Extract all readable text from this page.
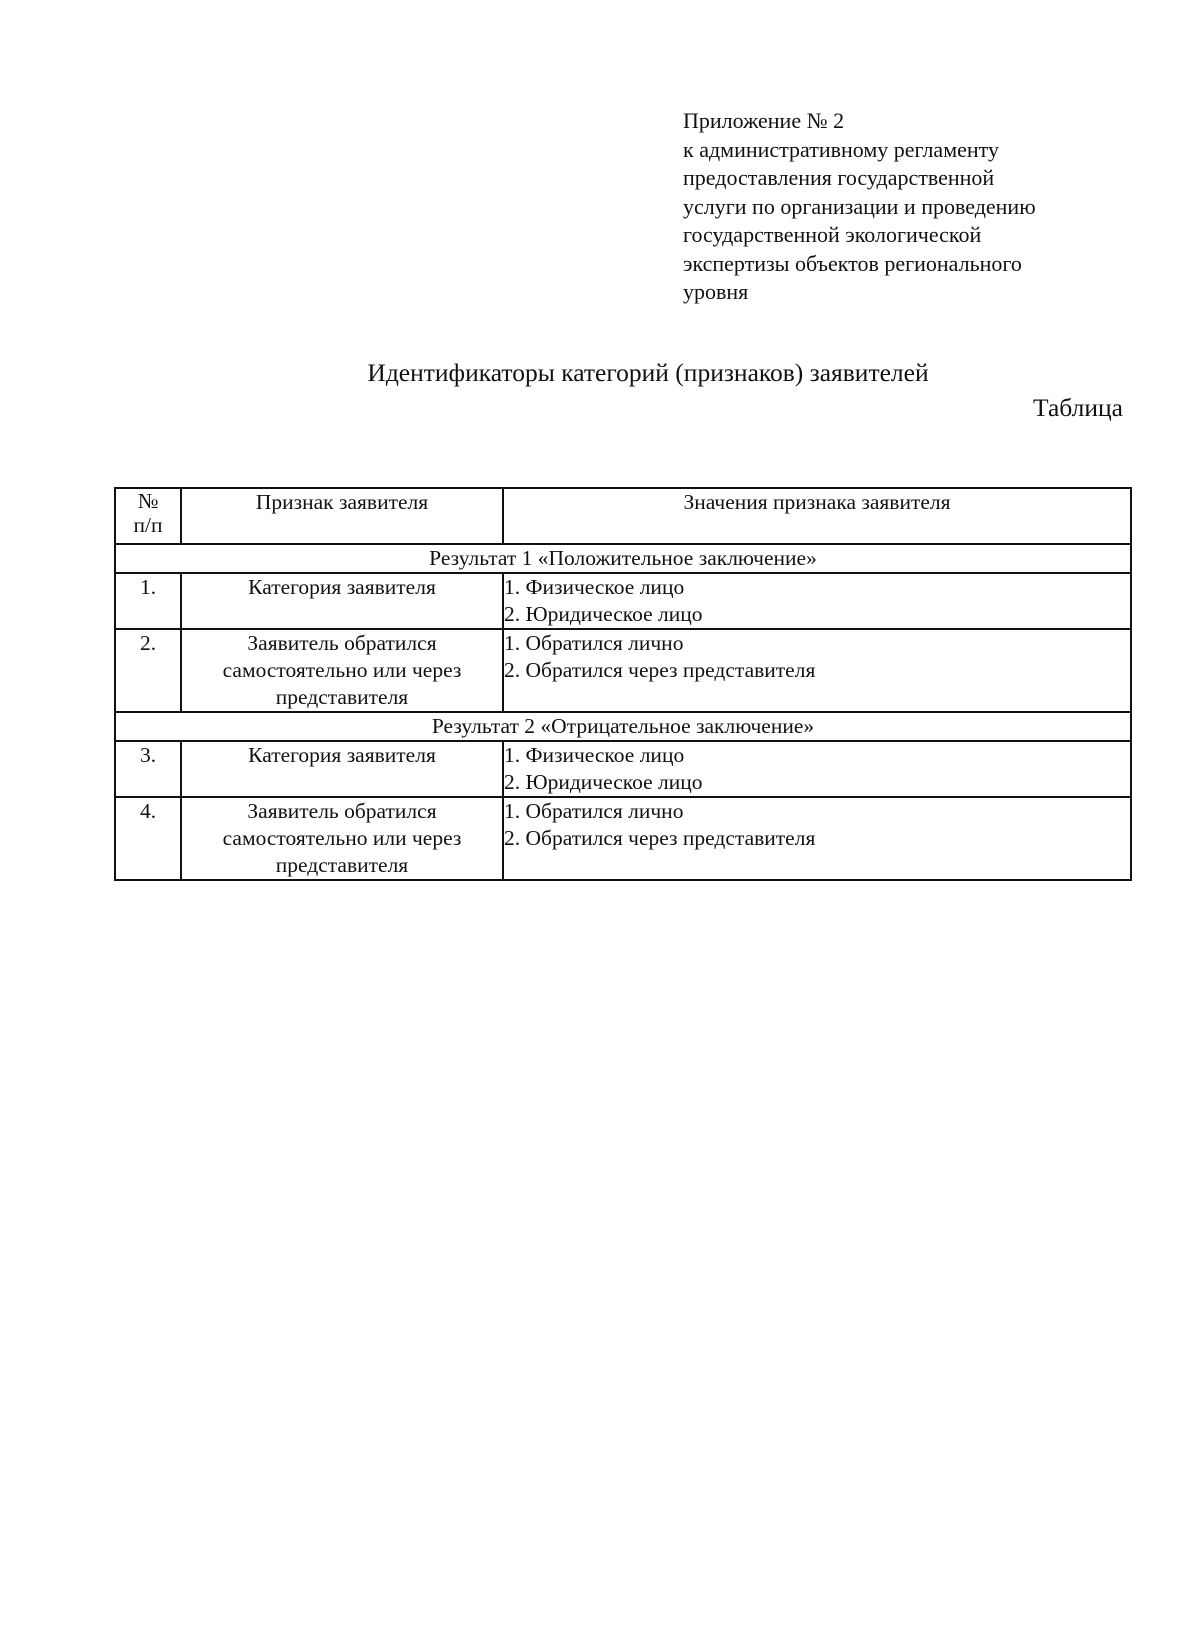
Приложение № 2
к административному регламенту
предоставления государственной
услуги по организации и проведению
государственной экологической
экспертизы объектов регионального
уровня
Идентификаторы категорий (признаков) заявителей
Таблица
№
п/п	Признак заявителя	Значения признака заявителя
Результат 1 «Положительное заключение»		
1.	Категория заявителя	1. Физическое лицо
2. Юридическое лицо

2.	Заявитель обратился самостоятельно или через представителя	1. Обратился лично
2. Обратился через представителя

Результат 2 «Отрицательное заключение»		
3.	Категория заявителя	1. Физическое лицо
2. Юридическое лицо

4.	Заявитель обратился самостоятельно или через представителя	1. Обратился лично
2. Обратился через представителя
